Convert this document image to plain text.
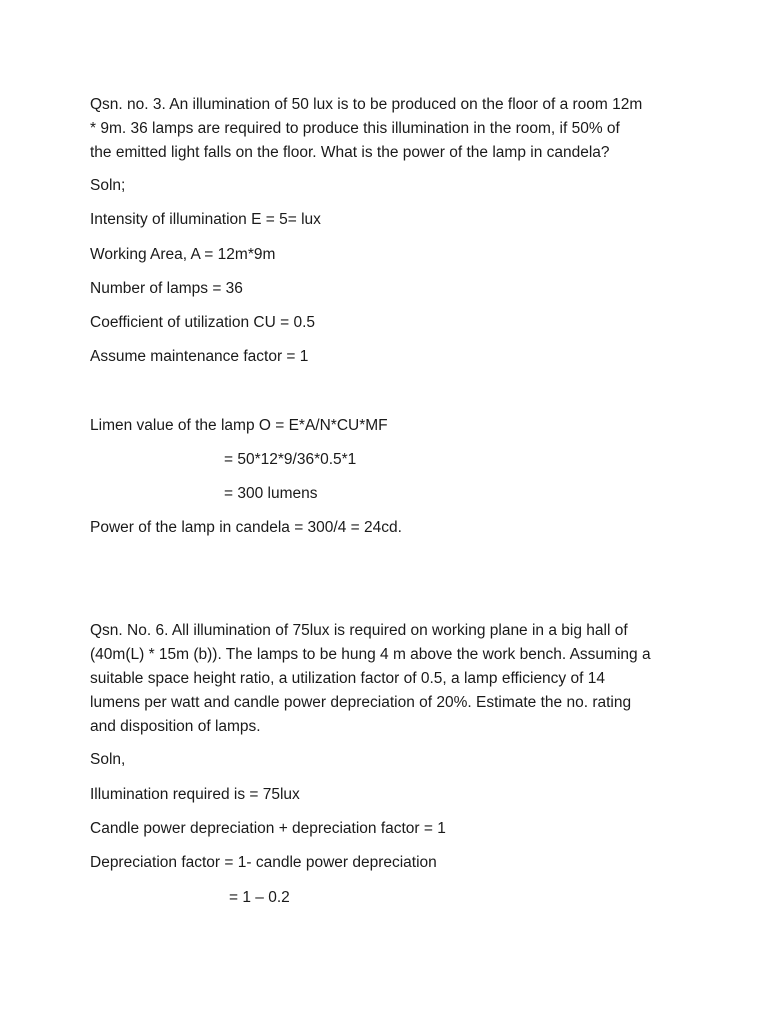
Qsn. no. 3. An illumination of 50 lux is to be produced on the floor of a room 12m
* 9m. 36 lamps are required to produce this illumination in the room, if 50% of
the emitted light falls on the floor. What is the power of the lamp in candela?
Soln;
Intensity of illumination E = 5= lux
Working Area, A = 12m*9m
Number of lamps = 36
Coefficient of utilization CU = 0.5
Assume maintenance factor = 1
Limen value of the lamp O = E*A/N*CU*MF
= 50*12*9/36*0.5*1
= 300 lumens
Power of the lamp in candela = 300/4 = 24cd.
Qsn. No. 6. All illumination of 75lux is required on working plane in a big hall of
(40m(L) * 15m (b)). The lamps to be hung 4 m above the work bench. Assuming a
suitable space height ratio, a utilization factor of 0.5, a lamp efficiency of 14
lumens per watt and candle power depreciation of 20%. Estimate the no. rating
and disposition of lamps.
Soln,
Illumination required is = 75lux
Candle power depreciation + depreciation factor = 1
Depreciation factor = 1- candle power depreciation
= 1 – 0.2
